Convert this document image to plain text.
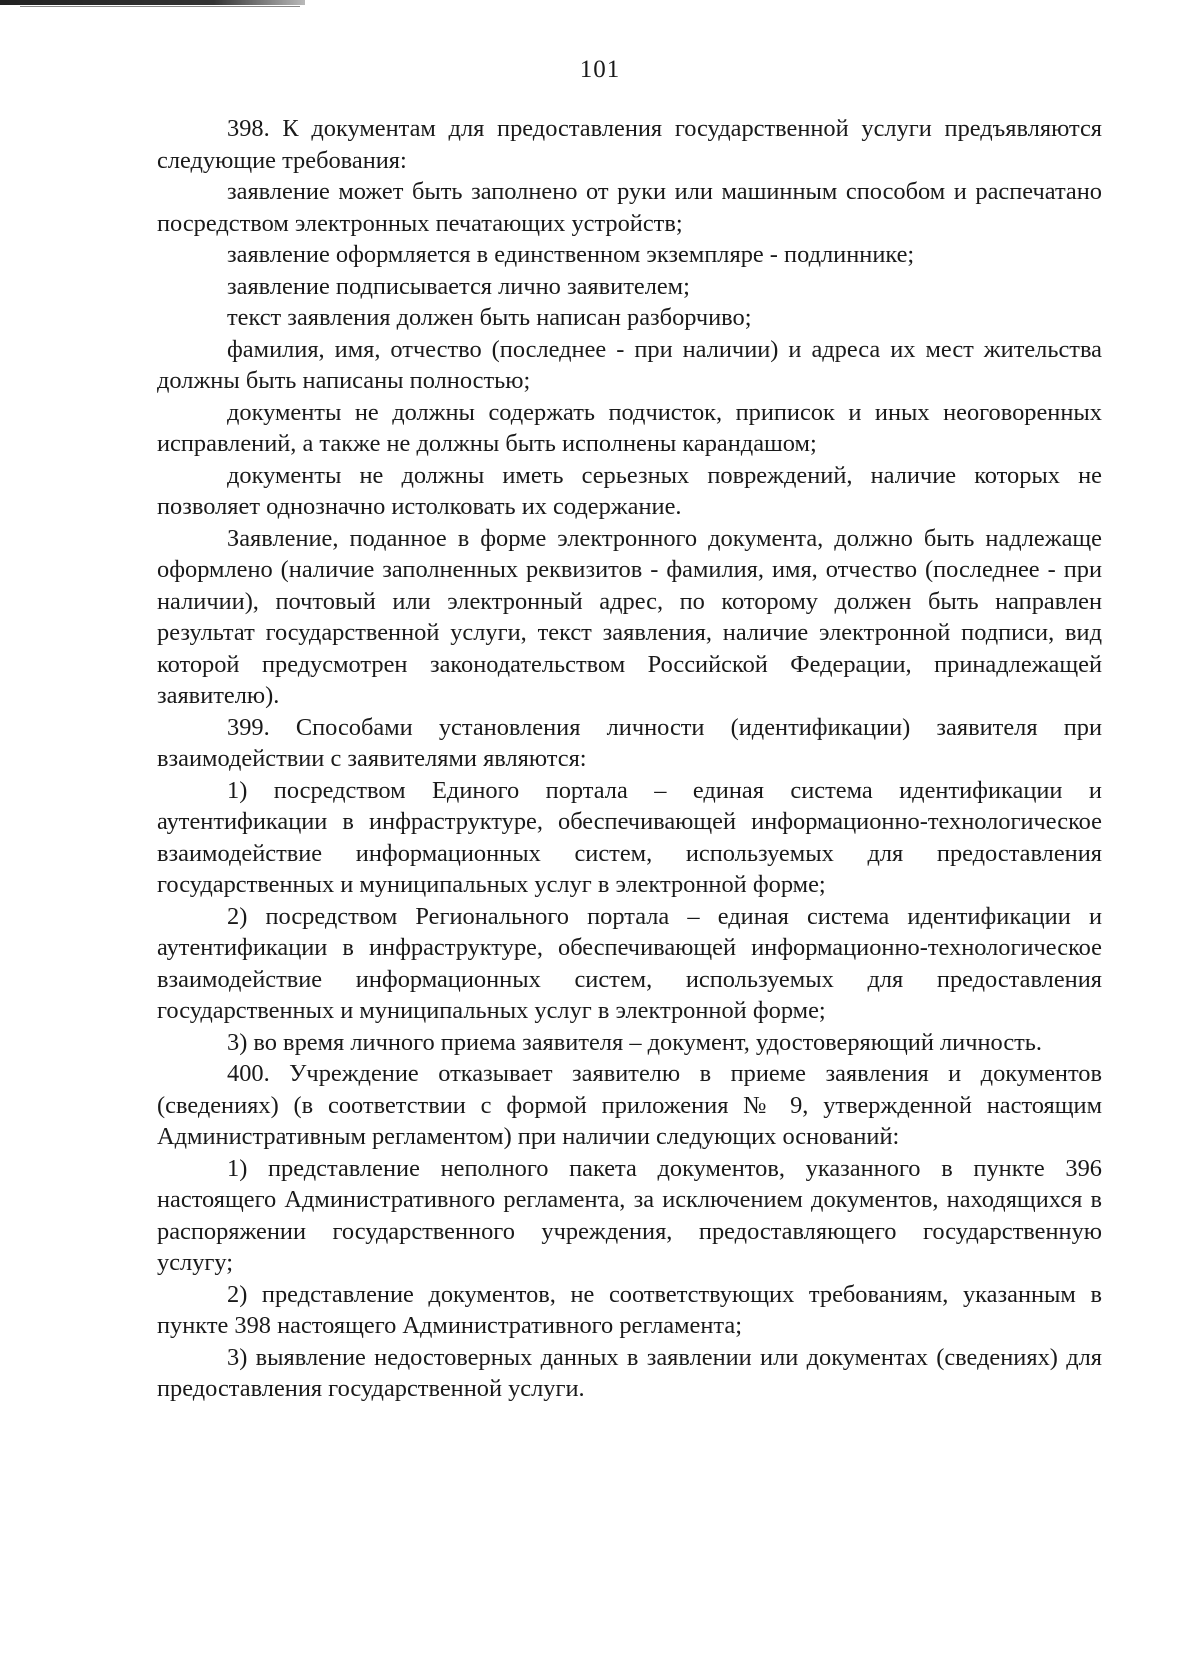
101

398. К документам для предоставления государственной услуги предъявляются следующие требования:

заявление может быть заполнено от руки или машинным способом и распечатано посредством электронных печатающих устройств;

заявление оформляется в единственном экземпляре - подлиннике;

заявление подписывается лично заявителем;

текст заявления должен быть написан разборчиво;

фамилия, имя, отчество (последнее - при наличии) и адреса их мест жительства должны быть написаны полностью;

документы не должны содержать подчисток, приписок и иных неоговоренных исправлений, а также не должны быть исполнены карандашом;

документы не должны иметь серьезных повреждений, наличие которых не позволяет однозначно истолковать их содержание.

Заявление, поданное в форме электронного документа, должно быть надлежаще оформлено (наличие заполненных реквизитов - фамилия, имя, отчество (последнее - при наличии), почтовый или электронный адрес, по которому должен быть направлен результат государственной услуги, текст заявления, наличие электронной подписи, вид которой предусмотрен законодательством Российской Федерации, принадлежащей заявителю).

399. Способами установления личности (идентификации) заявителя при взаимодействии с заявителями являются:

1) посредством Единого портала – единая система идентификации и аутентификации в инфраструктуре, обеспечивающей информационно-технологическое взаимодействие информационных систем, используемых для предоставления государственных и муниципальных услуг в электронной форме;

2) посредством Регионального портала – единая система идентификации и аутентификации в инфраструктуре, обеспечивающей информационно-технологическое взаимодействие информационных систем, используемых для предоставления государственных и муниципальных услуг в электронной форме;

3) во время личного приема заявителя – документ, удостоверяющий личность.

400. Учреждение отказывает заявителю в приеме заявления и документов (сведениях) (в соответствии с формой приложения № 9, утвержденной настоящим Административным регламентом) при наличии следующих оснований:

1) представление неполного пакета документов, указанного в пункте 396 настоящего Административного регламента, за исключением документов, находящихся в распоряжении государственного учреждения, предоставляющего государственную услугу;

2) представление документов, не соответствующих требованиям, указанным в пункте 398 настоящего Административного регламента;

3) выявление недостоверных данных в заявлении или документах (сведениях) для предоставления государственной услуги.
